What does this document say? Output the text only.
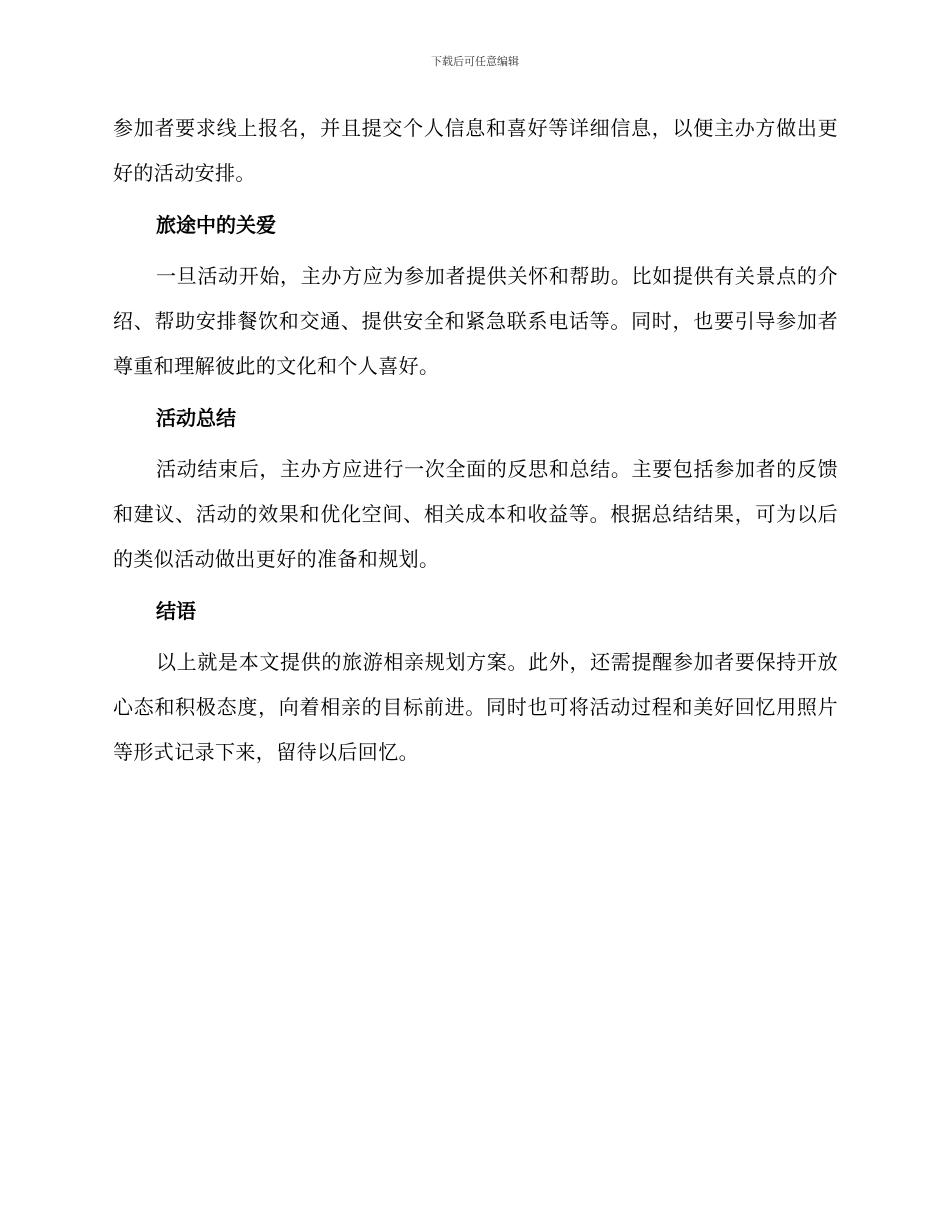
下载后可任意编辑

参加者要求线上报名，并且提交个人信息和喜好等详细信息，以便主办方做出更好的活动安排。

旅途中的关爱

一旦活动开始，主办方应为参加者提供关怀和帮助。比如提供有关景点的介绍、帮助安排餐饮和交通、提供安全和紧急联系电话等。同时，也要引导参加者尊重和理解彼此的文化和个人喜好。

活动总结

活动结束后，主办方应进行一次全面的反思和总结。主要包括参加者的反馈和建议、活动的效果和优化空间、相关成本和收益等。根据总结结果，可为以后的类似活动做出更好的准备和规划。

结语

以上就是本文提供的旅游相亲规划方案。此外，还需提醒参加者要保持开放心态和积极态度，向着相亲的目标前进。同时也可将活动过程和美好回忆用照片等形式记录下来，留待以后回忆。
